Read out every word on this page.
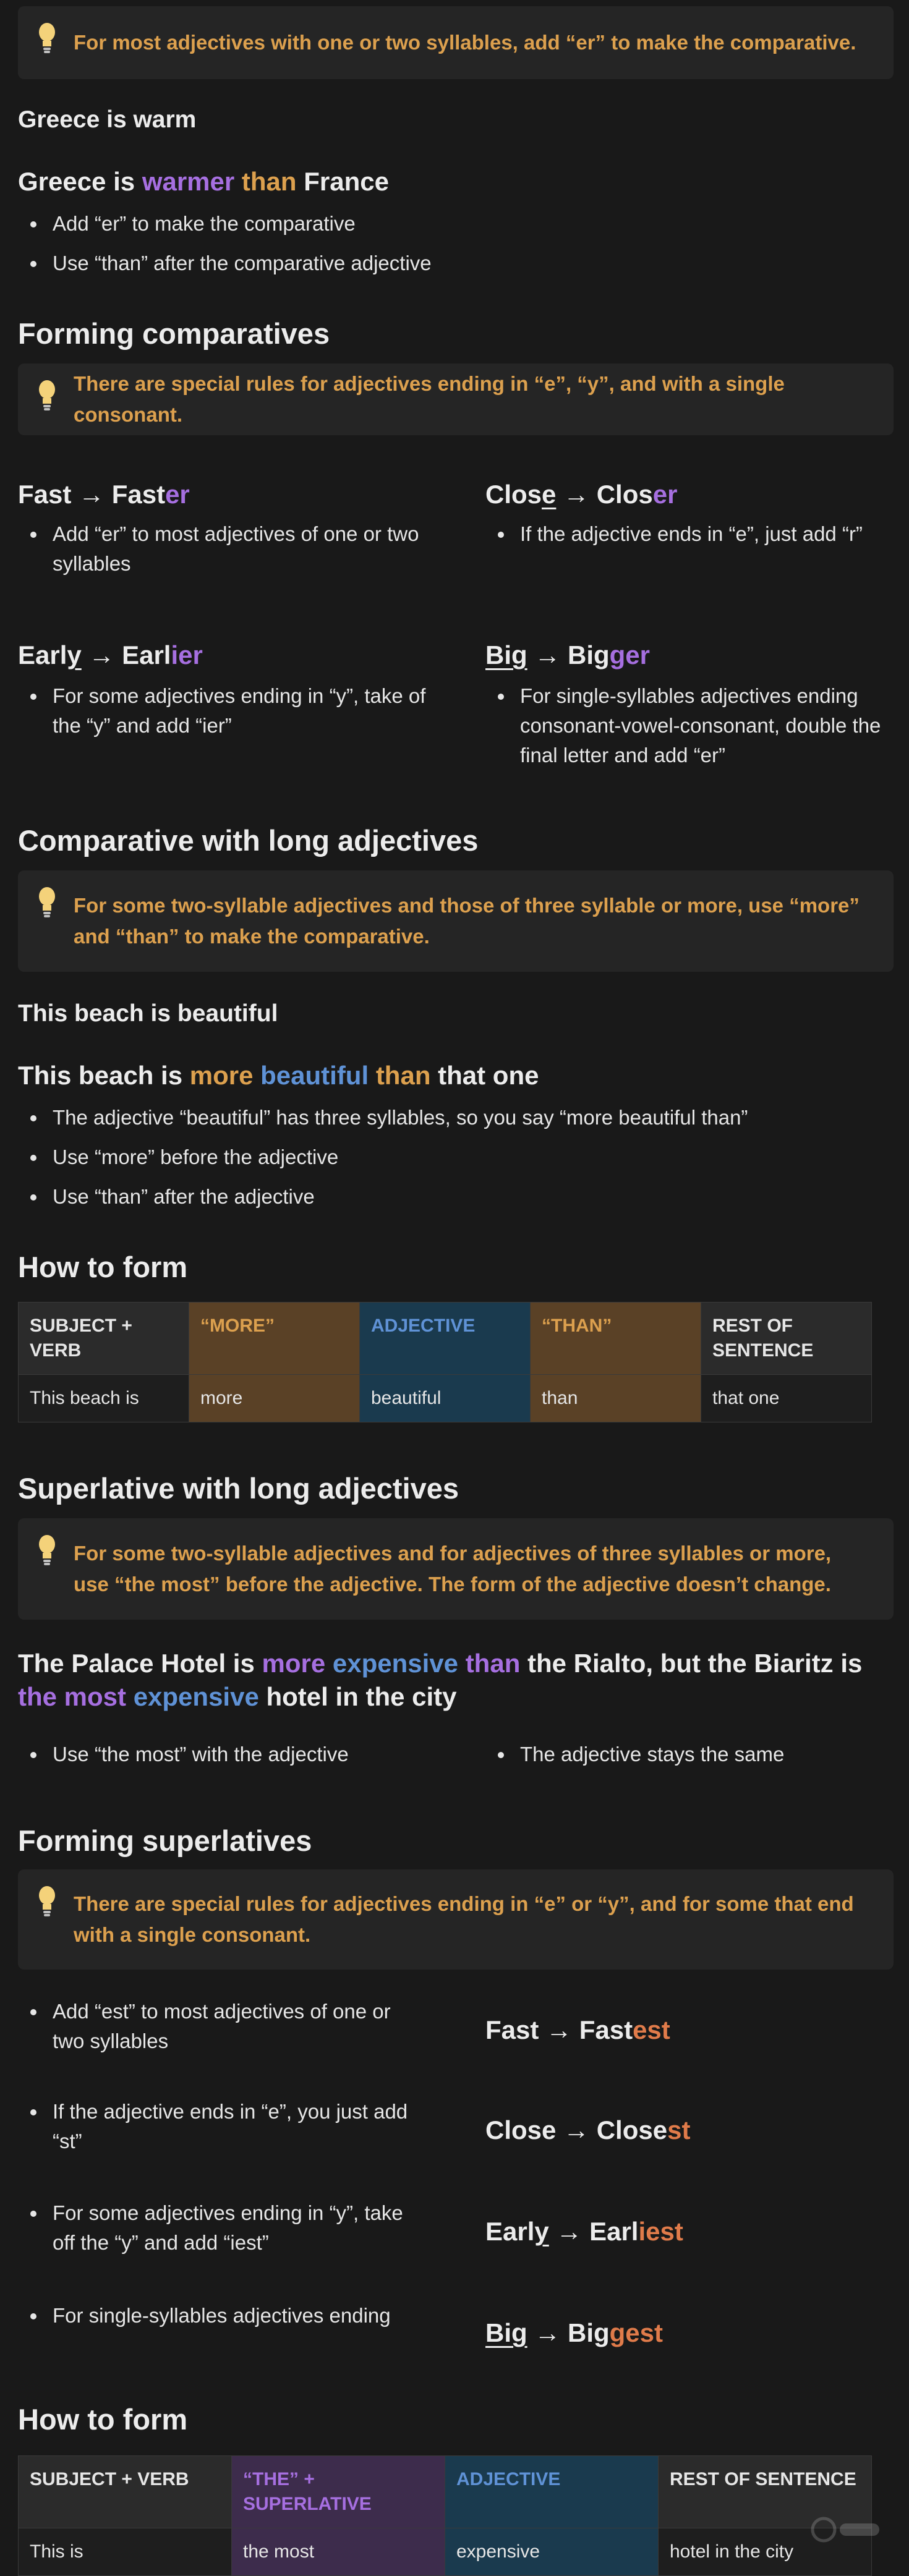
For most adjectives with one or two syllables, add “er” to make the comparative.
Greece is warm
Greece is warmer than France
Add “er” to make the comparative
Use “than” after the comparative adjective
Forming comparatives
There are special rules for adjectives ending in “e”, “y”, and with a single consonant.
Fast → Faster
Add “er” to most adjectives of one or two syllables
Close → Closer
If the adjective ends in “e”, just add “r”
Early → Earlier
For some adjectives ending in “y”, take of the “y” and add “ier”
Big → Bigger
For single-syllables adjectives ending consonant-vowel-consonant, double the final letter and add “er”
Comparative with long adjectives
For some two-syllable adjectives and those of three syllable or more, use “more” and “than” to make the comparative.
This beach is beautiful
This beach is more beautiful than that one
The adjective “beautiful” has three syllables, so you say “more beautiful than”
Use “more” before the adjective
Use “than” after the adjective
How to form
SUBJECT + VERB	“MORE”	ADJECTIVE	“THAN”	REST OF SENTENCE
This beach is	more	beautiful	than	that one
Superlative with long adjectives
For some two-syllable adjectives and for adjectives of three syllables or more, use “the most” before the adjective. The form of the adjective doesn’t change.
The Palace Hotel is more expensive than the Rialto, but the Biaritz is the most expensive hotel in the city
Use “the most” with the adjective	The adjective stays the same
Forming superlatives
There are special rules for adjectives ending in “e” or “y”, and for some that end with a single consonant.
Add “est” to most adjectives of one or two syllables	Fast → Fastest
If the adjective ends in “e”, you just add “st”	Close → Closest
For some adjectives ending in “y”, take off the “y” and add “iest”	Early → Earliest
For single-syllables adjectives ending
Big → Biggest
How to form
SUBJECT + VERB	“THE” + SUPERLATIVE	ADJECTIVE	REST OF SENTENCE
This is	the most	expensive	hotel in the city
